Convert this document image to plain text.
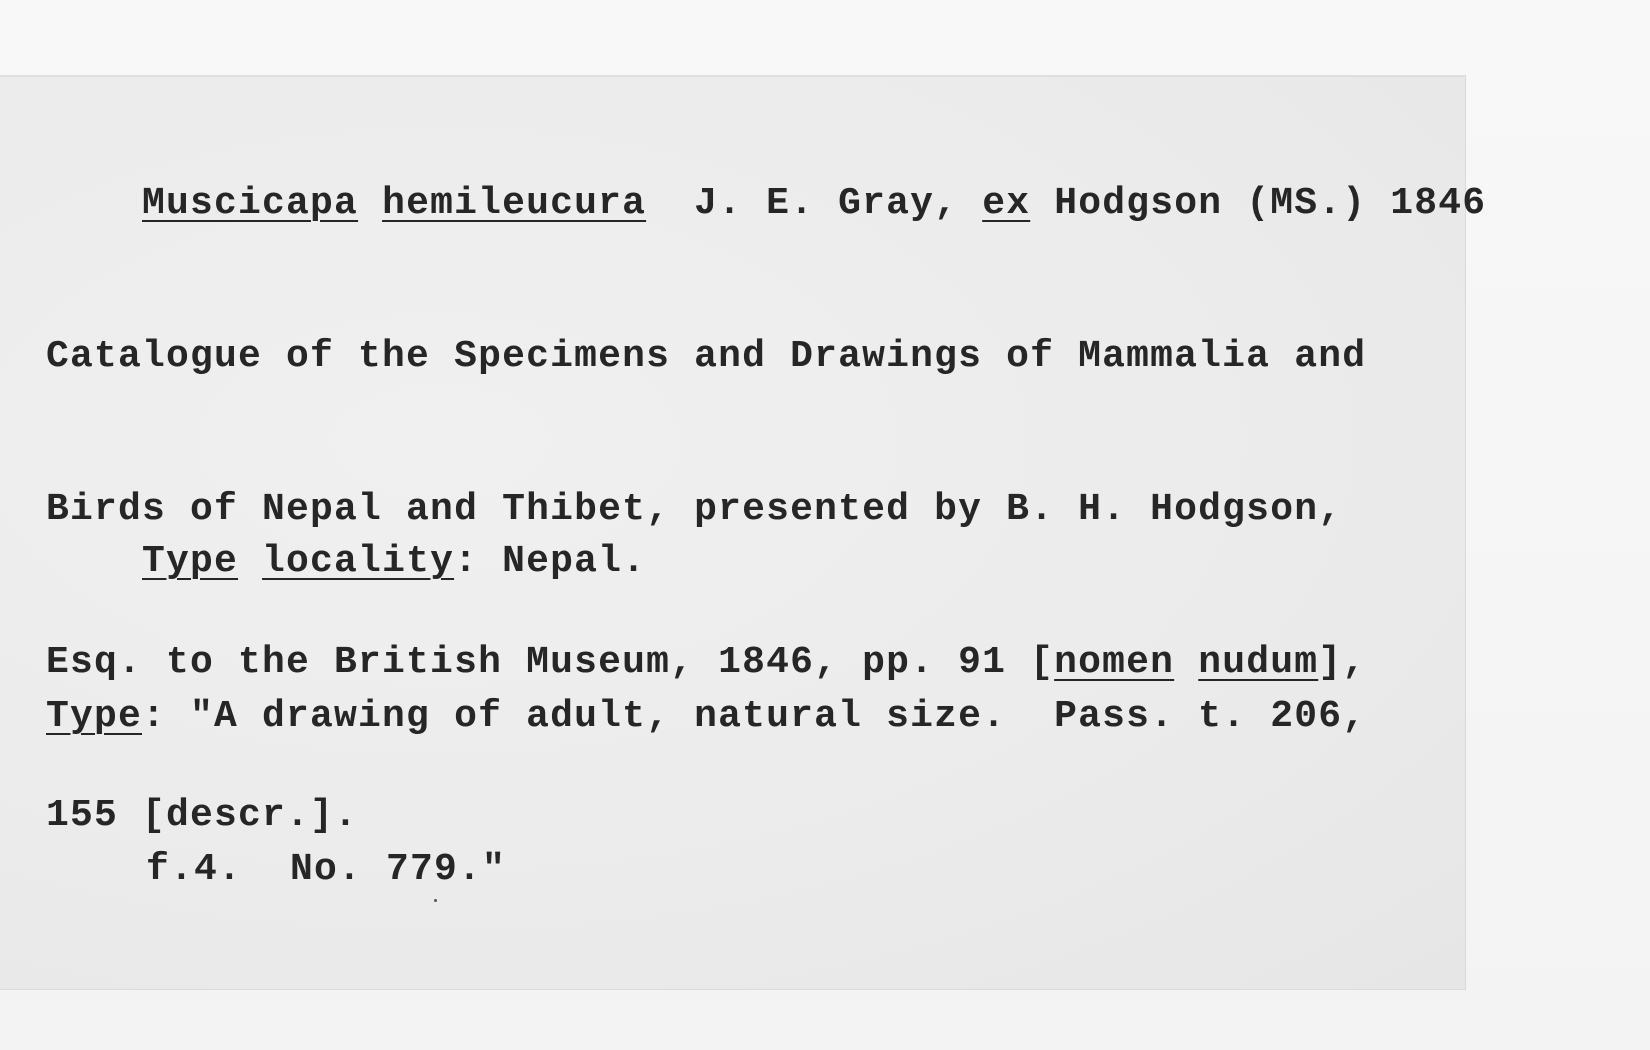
Muscicapa hemileucura J. E. Gray, ex Hodgson (MS.) 1846

Catalogue of the Specimens and Drawings of Mammalia and

Birds of Nepal and Thibet, presented by B. H. Hodgson,

Esq. to the British Museum, 1846, pp. 91 [nomen nudum],

155 [descr.].

Type locality: Nepal.

Type: "A drawing of adult, natural size.  Pass. t. 206,

f.4.  No. 779."
